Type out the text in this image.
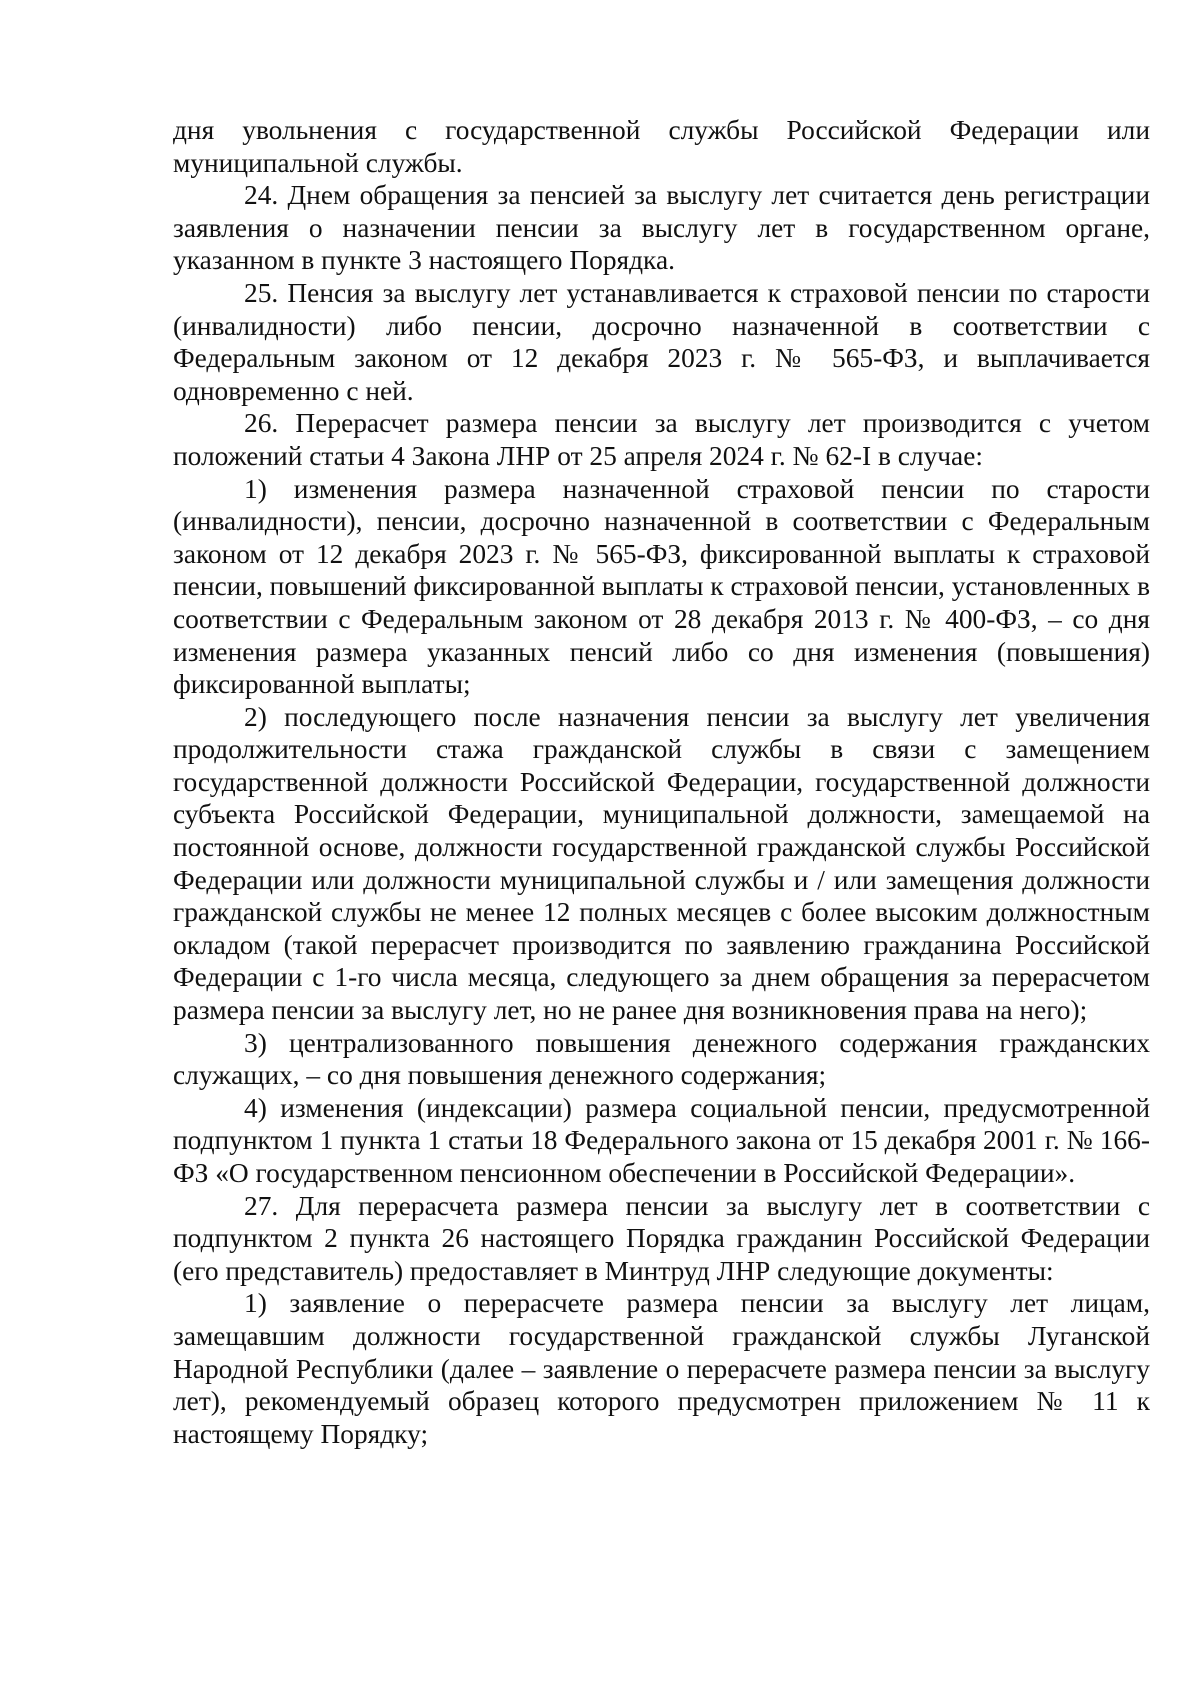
дня увольнения с государственной службы Российской Федерации или муниципальной службы.

24. Днем обращения за пенсией за выслугу лет считается день регистрации заявления о назначении пенсии за выслугу лет в государственном органе, указанном в пункте 3 настоящего Порядка.

25. Пенсия за выслугу лет устанавливается к страховой пенсии по старости (инвалидности) либо пенсии, досрочно назначенной в соответствии с Федеральным законом от 12 декабря 2023 г. № 565-ФЗ, и выплачивается одновременно с ней.

26. Перерасчет размера пенсии за выслугу лет производится с учетом положений статьи 4 Закона ЛНР от 25 апреля 2024 г. № 62-I в случае:

1) изменения размера назначенной страховой пенсии по старости (инвалидности), пенсии, досрочно назначенной в соответствии с Федеральным законом от 12 декабря 2023 г. № 565-ФЗ, фиксированной выплаты к страховой пенсии, повышений фиксированной выплаты к страховой пенсии, установленных в соответствии с Федеральным законом от 28 декабря 2013 г. № 400-ФЗ, – со дня изменения размера указанных пенсий либо со дня изменения (повышения) фиксированной выплаты;

2) последующего после назначения пенсии за выслугу лет увеличения продолжительности стажа гражданской службы в связи с замещением государственной должности Российской Федерации, государственной должности субъекта Российской Федерации, муниципальной должности, замещаемой на постоянной основе, должности государственной гражданской службы Российской Федерации или должности муниципальной службы и / или замещения должности гражданской службы не менее 12 полных месяцев с более высоким должностным окладом (такой перерасчет производится по заявлению гражданина Российской Федерации с 1-го числа месяца, следующего за днем обращения за перерасчетом размера пенсии за выслугу лет, но не ранее дня возникновения права на него);

3) централизованного повышения денежного содержания гражданских служащих, – со дня повышения денежного содержания;

4) изменения (индексации) размера социальной пенсии, предусмотренной подпунктом 1 пункта 1 статьи 18 Федерального закона от 15 декабря 2001 г. № 166-ФЗ «О государственном пенсионном обеспечении в Российской Федерации».

27. Для перерасчета размера пенсии за выслугу лет в соответствии с подпунктом 2 пункта 26 настоящего Порядка гражданин Российской Федерации (его представитель) предоставляет в Минтруд ЛНР следующие документы:

1) заявление о перерасчете размера пенсии за выслугу лет лицам, замещавшим должности государственной гражданской службы Луганской Народной Республики (далее – заявление о перерасчете размера пенсии за выслугу лет), рекомендуемый образец которого предусмотрен приложением № 11 к настоящему Порядку;
